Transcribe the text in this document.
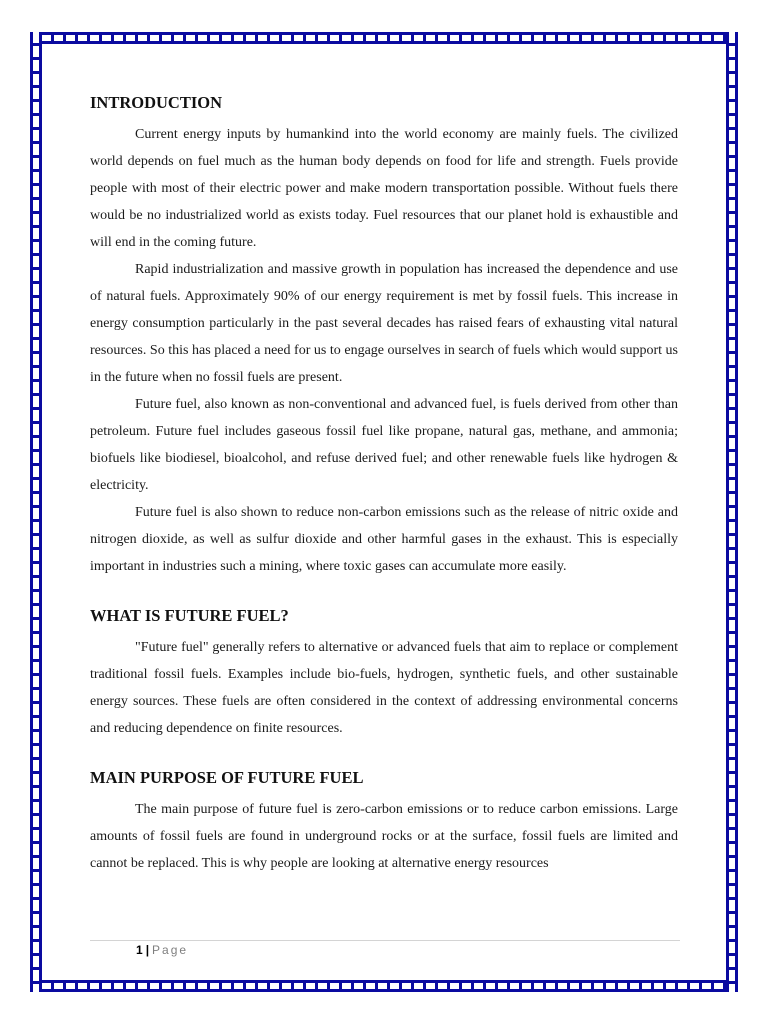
INTRODUCTION

Current energy inputs by humankind into the world economy are mainly fuels. The civilized world depends on fuel much as the human body depends on food for life and strength. Fuels provide people with most of their electric power and make modern transportation possible. Without fuels there would be no industrialized world as exists today. Fuel resources that our planet hold is exhaustible and will end in the coming future.

Rapid industrialization and massive growth in population has increased the dependence and use of natural fuels. Approximately 90% of our energy requirement is met by fossil fuels. This increase in energy consumption particularly in the past several decades has raised fears of exhausting vital natural resources. So this has placed a need for us to engage ourselves in search of fuels which would support us in the future when no fossil fuels are present.

Future fuel, also known as non-conventional and advanced fuel, is fuels derived from other than petroleum. Future fuel includes gaseous fossil fuel like propane, natural gas, methane, and ammonia; biofuels like biodiesel, bioalcohol, and refuse derived fuel; and other renewable fuels like hydrogen & electricity.

Future fuel is also shown to reduce non-carbon emissions such as the release of nitric oxide and nitrogen dioxide, as well as sulfur dioxide and other harmful gases in the exhaust. This is especially important in industries such a mining, where toxic gases can accumulate more easily.

WHAT IS FUTURE FUEL?

"Future fuel" generally refers to alternative or advanced fuels that aim to replace or complement traditional fossil fuels. Examples include bio-fuels, hydrogen, synthetic fuels, and other sustainable energy sources. These fuels are often considered in the context of addressing environmental concerns and reducing dependence on finite resources.

MAIN PURPOSE OF FUTURE FUEL

The main purpose of future fuel is zero-carbon emissions or to reduce carbon emissions. Large amounts of fossil fuels are found in underground rocks or at the surface, fossil fuels are limited and cannot be replaced. This is why people are looking at alternative energy resources

1 | Page
